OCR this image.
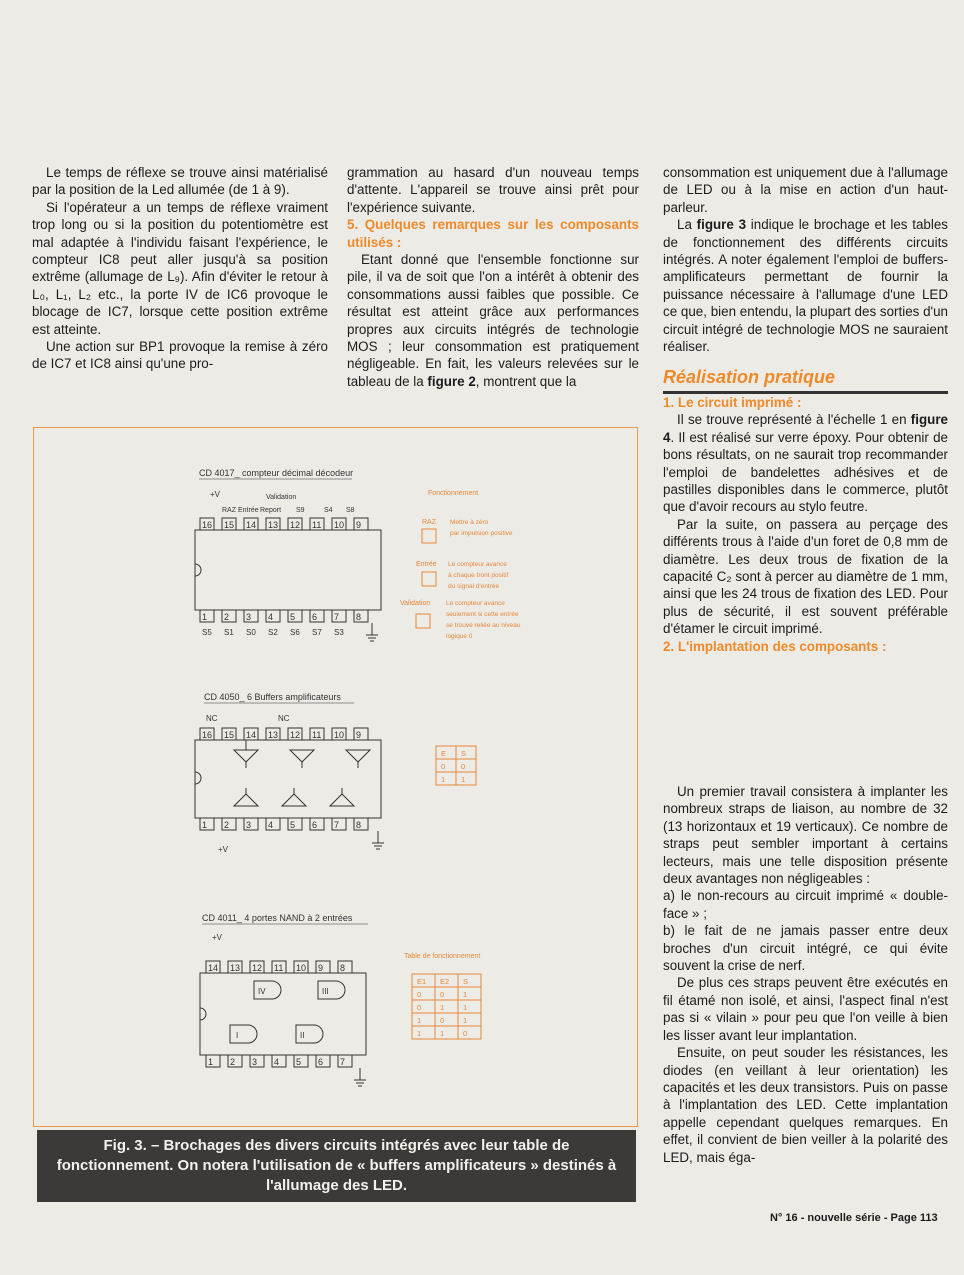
Le temps de réflexe se trouve ainsi matérialisé par la position de la Led allumée (de 1 à 9).

Si l'opérateur a un temps de réflexe vraiment trop long ou si la position du potentiomètre est mal adaptée à l'individu faisant l'expérience, le compteur IC8 peut aller jusqu'à sa position extrême (allumage de L₉). Afin d'éviter le retour à L₀, L₁, L₂ etc., la porte IV de IC6 provoque le blocage de IC7, lorsque cette position extrême est atteinte.

Une action sur BP1 provoque la remise à zéro de IC7 et IC8 ainsi qu'une pro-

grammation au hasard d'un nouveau temps d'attente. L'appareil se trouve ainsi prêt pour l'expérience suivante.

5. Quelques remarques sur les composants utilisés :

Etant donné que l'ensemble fonctionne sur pile, il va de soit que l'on a intérêt à obtenir des consommations aussi faibles que possible. Ce résultat est atteint grâce aux performances propres aux circuits intégrés de technologie MOS ; leur consommation est pratiquement négligeable. En fait, les valeurs relevées sur le tableau de la figure 2, montrent que la

consommation est uniquement due à l'allumage de LED ou à la mise en action d'un haut-parleur.

La figure 3 indique le brochage et les tables de fonctionnement des différents circuits intégrés. A noter également l'emploi de buffers-amplificateurs permettant de fournir la puissance nécessaire à l'allumage d'une LED ce que, bien entendu, la plupart des sorties d'un circuit intégré de technologie MOS ne sauraient réaliser.

Réalisation pratique

1. Le circuit imprimé :

Il se trouve représenté à l'échelle 1 en figure 4. Il est réalisé sur verre époxy. Pour obtenir de bons résultats, on ne saurait trop recommander l'emploi de bandelettes adhésives et de pastilles disponibles dans le commerce, plutôt que d'avoir recours au stylo feutre.

Par la suite, on passera au perçage des différents trous à l'aide d'un foret de 0,8 mm de diamètre. Les deux trous de fixation de la capacité C₂ sont à percer au diamètre de 1 mm, ainsi que les 24 trous de fixation des LED. Pour plus de sécurité, il est souvent préférable d'étamer le circuit imprimé.

2. L'implantation des composants :

Un premier travail consistera à implanter les nombreux straps de liaison, au nombre de 32 (13 horizontaux et 19 verticaux). Ce nombre de straps peut sembler important à certains lecteurs, mais une telle disposition présente deux avantages non négligeables :

a) le non-recours au circuit imprimé « double-face » ;

b) le fait de ne jamais passer entre deux broches d'un circuit intégré, ce qui évite souvent la crise de nerf.

De plus ces straps peuvent être exécutés en fil étamé non isolé, et ainsi, l'aspect final n'est pas si « vilain » pour peu que l'on veille à bien les lisser avant leur implantation.

Ensuite, on peut souder les résistances, les diodes (en veillant à leur orientation) les capacités et les deux transistors. Puis on passe à l'implantation des LED. Cette implantation appelle cependant quelques remarques. En effet, il convient de bien veiller à la polarité des LED, mais éga-

CD 4017_ compteur décimal décodeur
+V	Validation
Fonctionnement
RAZ Mettre à zéro
par impulsion positive
Entrée Le compteur avance
à chaque front positif
du signal d'entrée
Validation Le compteur avance
seulement si cette entrée
se trouve reliée au niveau
logique 0
CD 4050_ 6 Buffers amplificateurs
NC	NC
+V
CD 4011_ 4 portes NAND à 2 entrées
+V
IV	III
I	II
Table de fonctionnement
16 15 14 13 12 11 10 9
1 2 3 4 5 6 7 8
16 15 14 13 12 11 10 9
1 2 3 4 5 6 7 8
14 13 12 11 10 9 8
1 2 3 4 5 6 7
RAZ Entrée Report S9	S4 S8
S5 S1 S0 S2 S6 S7 S3
E S
0 0
1 1
E1 E2 S
0	0	1
0	1	1
1	0	1
1	1	0
Fig. 3. – Brochages des divers circuits intégrés avec leur table de fonctionnement. On notera l'utilisation de « buffers amplificateurs » destinés à l'allumage des LED.
N° 16 - nouvelle série - Page 113
